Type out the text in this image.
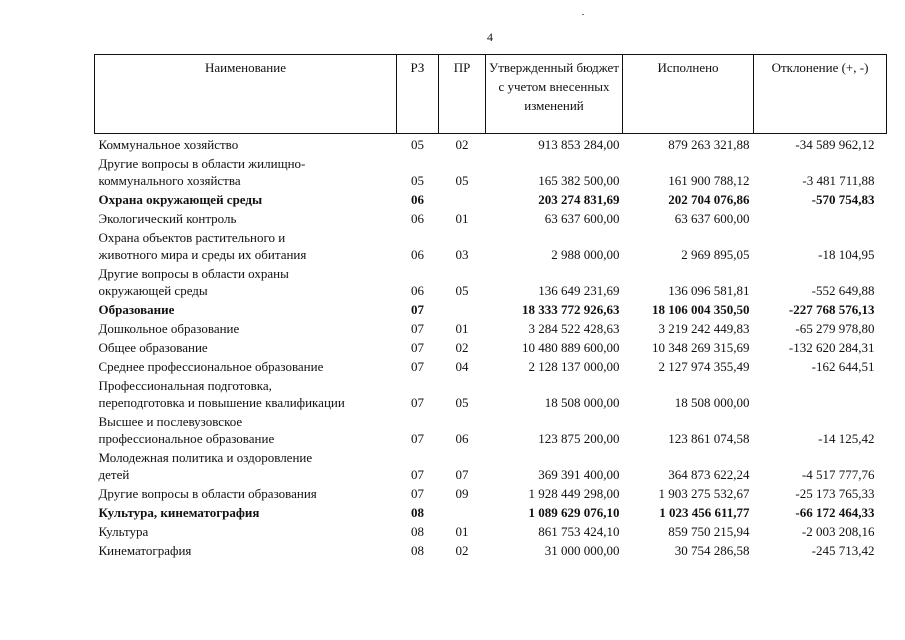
4
Наименование	РЗ	ПР	Утвержденный бюджет с учетом внесенных изменений	Исполнено	Отклонение (+, -)
Коммунальное хозяйство	05	02	913 853 284,00	879 263 321,88	-34 589 962,12

Другие вопросы в области жилищно-
коммунального хозяйства	05	05	165 382 500,00	161 900 788,12	-3 481 711,88
Охрана окружающей среды	06		203 274 831,69	202 704 076,86	-570 754,83
Экологический контроль	06	01	63 637 600,00	63 637 600,00	

Охрана объектов растительного и
животного мира и среды их обитания	06	03	2 988 000,00	2 969 895,05	-18 104,95

Другие вопросы в области охраны
окружающей среды	06	05	136 649 231,69	136 096 581,81	-552 649,88
Образование	07		18 333 772 926,63	18 106 004 350,50	-227 768 576,13
Дошкольное образование	07	01	3 284 522 428,63	3 219 242 449,83	-65 279 978,80
Общее образование	07	02	10 480 889 600,00	10 348 269 315,69	-132 620 284,31
Среднее профессиональное образование	07	04	2 128 137 000,00	2 127 974 355,49	-162 644,51

Профессиональная подготовка,
переподготовка и повышение квалификации	07	05	18 508 000,00	18 508 000,00	

Высшее и послевузовское
профессиональное образование	07	06	123 875 200,00	123 861 074,58	-14 125,42

Молодежная политика и оздоровление
детей	07	07	369 391 400,00	364 873 622,24	-4 517 777,76
Другие вопросы в области образования	07	09	1 928 449 298,00	1 903 275 532,67	-25 173 765,33
Культура, кинематография	08		1 089 629 076,10	1 023 456 611,77	-66 172 464,33
Культура	08	01	861 753 424,10	859 750 215,94	-2 003 208,16
Кинематография	08	02	31 000 000,00	30 754 286,58	-245 713,42
